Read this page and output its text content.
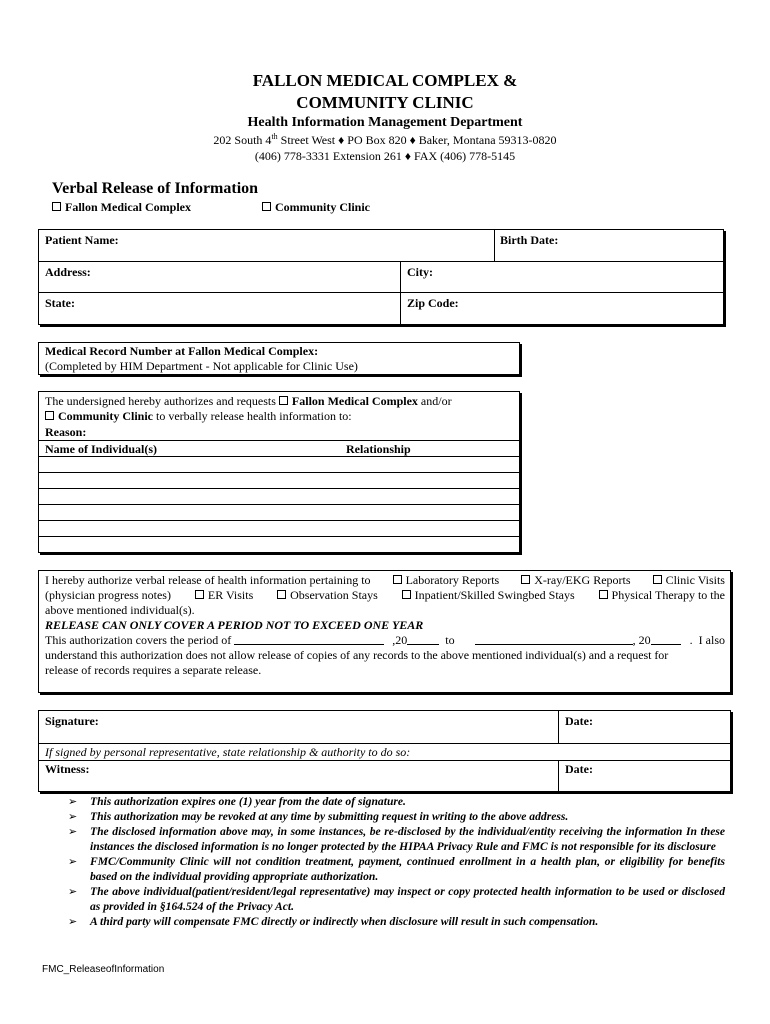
FALLON MEDICAL COMPLEX &
COMMUNITY CLINIC
Health Information Management Department
202 South 4th Street West ♦ PO Box 820 ♦ Baker, Montana 59313-0820
(406) 778-3331 Extension 261 ♦ FAX (406) 778-5145
Verbal Release of Information
Fallon Medical Complex	Community Clinic
Patient Name:	Birth Date:
Address:	City:
State:	Zip Code:
Medical Record Number at Fallon Medical Complex:
(Completed by HIM Department - Not applicable for Clinic Use)
The undersigned hereby authorizes and requests Fallon Medical Complex and/or
Community Clinic to verbally release health information to:
Reason:
Name of Individual(s)	Relationship
I hereby authorize verbal release of health information pertaining to	Laboratory Reports	X-ray/EKG Reports	Clinic Visits
(physician progress notes)	ER Visits	Observation Stays	Inpatient/Skilled Swingbed Stays	Physical Therapy to the
above mentioned individual(s).
RELEASE CAN ONLY COVER A PERIOD NOT TO EXCEED ONE YEAR
This authorization covers the period of	,20	to	, 20	.  I also
understand this authorization does not allow release of copies of any records to the above mentioned individual(s) and a request for
release of records requires a separate release.
Signature:	Date:
If signed by personal representative, state relationship & authority to do so:
Witness:	Date:
➢ This authorization expires one (1) year from the date of signature.
➢ This authorization may be revoked at any time by submitting request in writing to the above address.
➢ The disclosed information above may, in some instances, be re-disclosed by the individual/entity receiving the information In these instances the disclosed information is no longer protected by the HIPAA Privacy Rule and FMC is not responsible for its disclosure
➢ FMC/Community Clinic will not condition treatment, payment, continued enrollment in a health plan, or eligibility for benefits based on the individual providing appropriate authorization.
➢ The above individual(patient/resident/legal representative) may inspect or copy protected health information to be used or disclosed as provided in §164.524 of the Privacy Act.
➢ A third party will compensate FMC directly or indirectly when disclosure will result in such compensation.
FMC_ReleaseofInformation
